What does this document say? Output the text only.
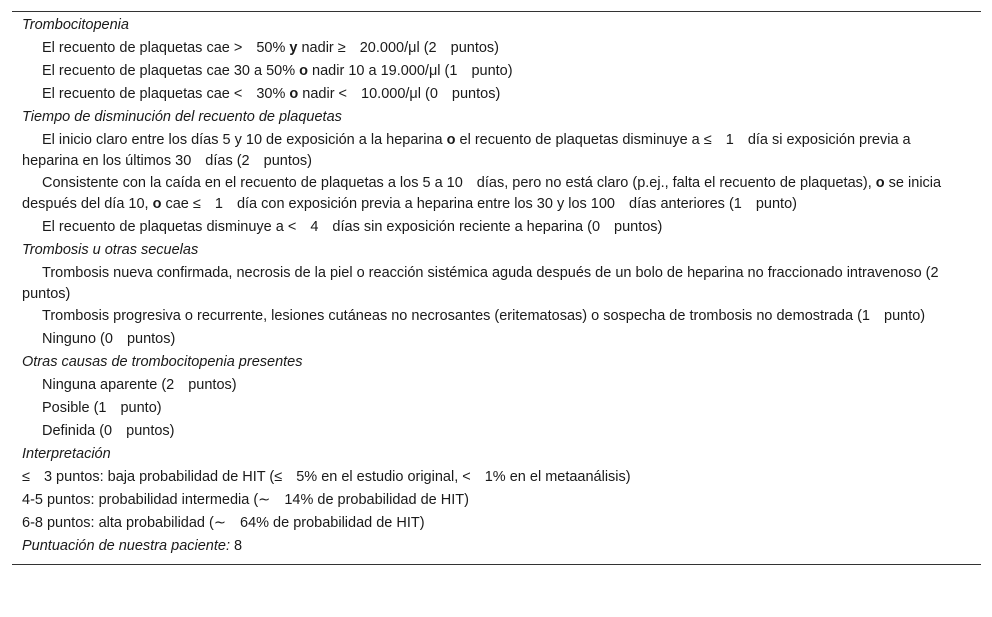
Trombocitopenia
El recuento de plaquetas cae > 50% y nadir ≥ 20.000/μl (2 puntos)
El recuento de plaquetas cae 30 a 50% o nadir 10 a 19.000/μl (1 punto)
El recuento de plaquetas cae < 30% o nadir < 10.000/μl (0 puntos)
Tiempo de disminución del recuento de plaquetas
El inicio claro entre los días 5 y 10 de exposición a la heparina o el recuento de plaquetas disminuye a ≤ 1 día si exposición previa a heparina en los últimos 30 días (2 puntos)
Consistente con la caída en el recuento de plaquetas a los 5 a 10 días, pero no está claro (p.ej., falta el recuento de plaquetas), o se inicia después del día 10, o cae ≤ 1 día con exposición previa a heparina entre los 30 y los 100 días anteriores (1 punto)
El recuento de plaquetas disminuye a < 4 días sin exposición reciente a heparina (0 puntos)
Trombosis u otras secuelas
Trombosis nueva confirmada, necrosis de la piel o reacción sistémica aguda después de un bolo de heparina no fraccionado intravenoso (2puntos)
Trombosis progresiva o recurrente, lesiones cutáneas no necrosantes (eritematosas) o sospecha de trombosis no demostrada (1 punto)
Ninguno (0 puntos)
Otras causas de trombocitopenia presentes
Ninguna aparente (2 puntos)
Posible (1 punto)
Definida (0 puntos)
Interpretación
≤ 3 puntos: baja probabilidad de HIT (≤ 5% en el estudio original, < 1% en el metaanálisis)
4-5 puntos: probabilidad intermedia (∼ 14% de probabilidad de HIT)
6-8 puntos: alta probabilidad (∼ 64% de probabilidad de HIT)
Puntuación de nuestra paciente: 8
